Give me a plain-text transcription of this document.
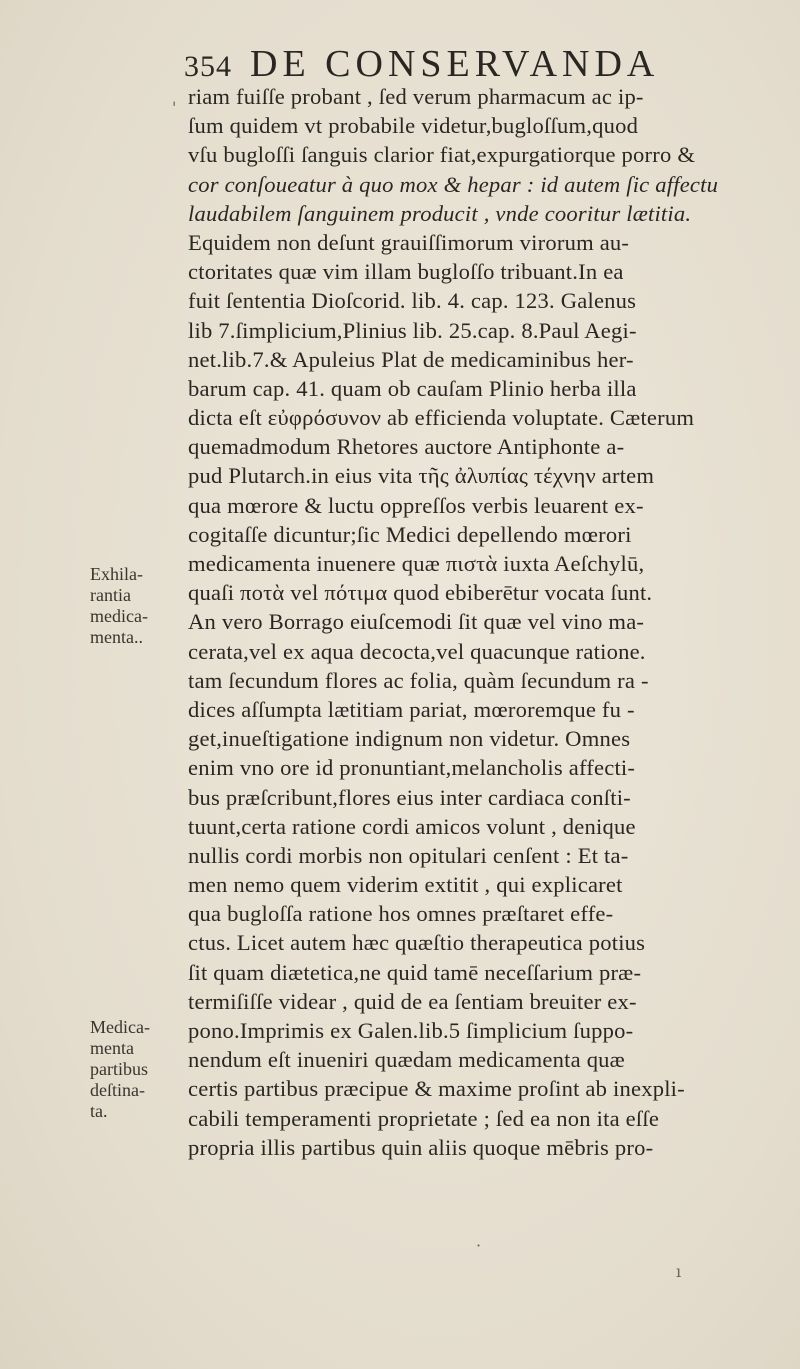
354 DE CONSERVANDA
riam fuiſſe probant , ſed verum pharmacum ac ip-
ſum quidem vt probabile videtur,bugloſſum,quod
vſu bugloſſi ſanguis clarior fiat,expurgatiorque porro &
cor conſoueatur à quo mox & hepar : id autem ſic affectu
laudabilem ſanguinem producit , vnde cooritur lætitia.
Equidem non deſunt grauiſſimorum virorum au-
ctoritates quæ vim illam bugloſſo tribuant.In ea
fuit ſententia Dioſcorid. lib. 4. cap. 123. Galenus
lib 7.ſimplicium,Plinius lib. 25.cap. 8.Paul Aegi-
net.lib.7.& Apuleius Plat de medicaminibus her-
barum cap. 41. quam ob cauſam Plinio herba illa
dicta eſt εὐφρόσυνον ab efficienda voluptate. Cæterum
quemadmodum Rhetores auctore Antiphonte a-
pud Plutarch.in eius vita τῆς ἀλυπίας τέχνην artem
qua mœrore & luctu oppreſſos verbis leuarent ex-
cogitaſſe dicuntur;ſic Medici depellendo mœrori
medicamenta inuenere quæ πιστὰ iuxta Aeſchylū,
quaſi ποτὰ vel πότιμα quod ebiberētur vocata ſunt.
An vero Borrago eiuſcemodi ſit quæ vel vino ma-
cerata,vel ex aqua decocta,vel quacunque ratione.
tam ſecundum flores ac folia, quàm ſecundum ra -
dices aſſumpta lætitiam pariat, mœroremque fu -
get,inueſtigatione indignum non videtur. Omnes
enim vno ore id pronuntiant,melancholis affecti-
bus præſcribunt,flores eius inter cardiaca conſti-
tuunt,certa ratione cordi amicos volunt , denique
nullis cordi morbis non opitulari cenſent : Et ta-
men nemo quem viderim extitit , qui explicaret
qua bugloſſa ratione hos omnes præſtaret effe-
ctus. Licet autem hæc quæſtio therapeutica potius
ſit quam diætetica,ne quid tamē neceſſarium præ-
termiſiſſe videar , quid de ea ſentiam breuiter ex-
pono.Imprimis ex Galen.lib.5 ſimplicium ſuppo-
nendum eſt inueniri quædam medicamenta quæ
certis partibus præcipue & maxime proſint ab inexpli-
cabili temperamenti proprietate ; ſed ea non ita eſſe
propria illis partibus quin aliis quoque mēbris pro-
Exhila-
rantia
medica-
menta..
Medica-
menta
partibus
deſtina-
ta.
'
ı
·
